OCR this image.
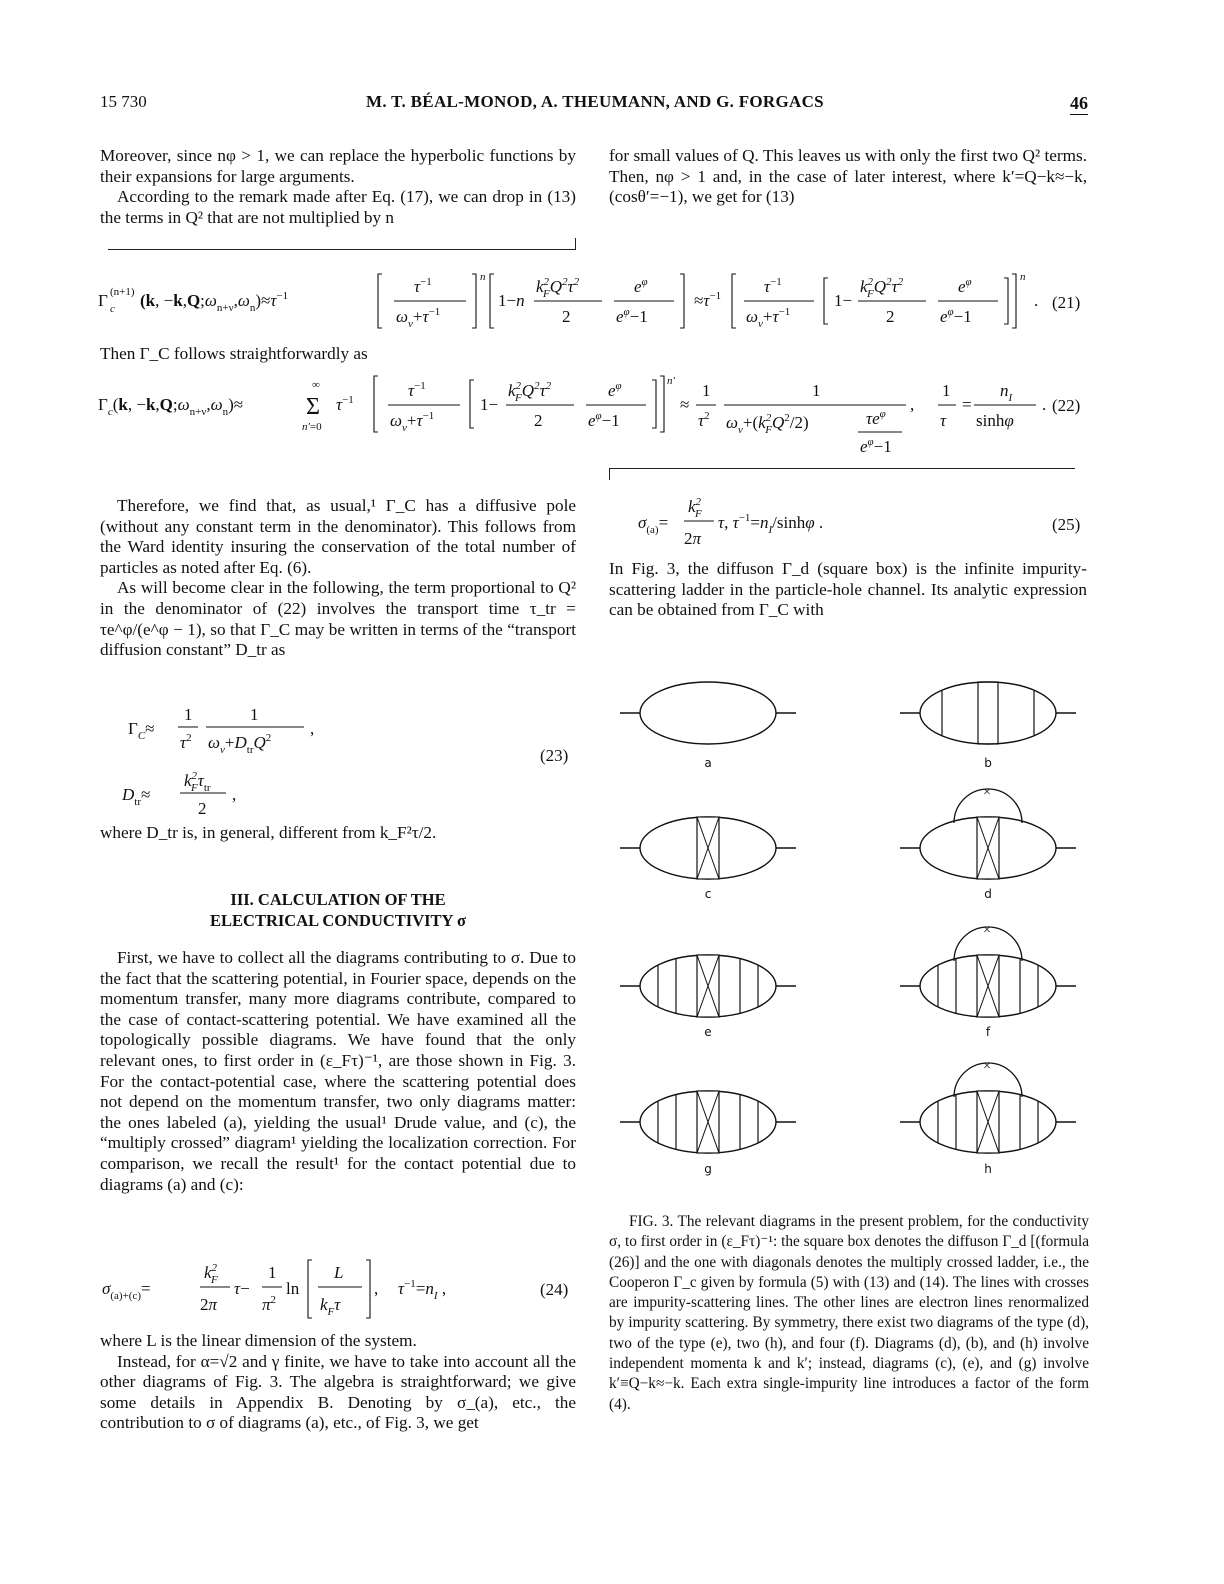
15 730	M. T. BÉAL-MONOD, A. THEUMANN, AND G. FORGACS	46

Moreover, since nφ > 1, we can replace the hyperbolic functions by their expansions for large arguments.

According to the remark made after Eq. (17), we can drop in (13) the terms in Q² that are not multiplied by n

for small values of Q. This leaves us with only the first two Q² terms. Then, nφ > 1 and, in the case of later interest, where k′=Q−k≈−k, (cosθ′=−1), we get for (13)

Γ (n+1)
c (k, $-k,Q;\omega_{n+\nu},\omega_n)\approx\tau^{-1}$	$\tau^{-1}$
$\omega_\nu+\tau^{-1}$
n
1−n
$k^2$ $FQ^2\tau^2$
2
$e^\varphi$
$e^\varphi-1$
$\approx\tau^{-1}$	$\tau^{-1}$
$\omega_\nu+\tau^{-1}$
1−
$k^2$ $FQ^2\tau^2$
2
$e^\varphi$
$e^\varphi-1$
n
. (21)
Then Γ_C follows straightforwardly as
$\Gamma_c(k$, $-k,Q;\omega_{n+\nu},\omega_n)\approx$
∞
Σ
n′=0
$\tau^{-1}$	$\tau^{-1}$
$\omega_\nu+\tau^{-1}$
1−
$k^2$ $FQ^2\tau^2$
2
$e^\varphi$
$e^\varphi-1$
n′
≈
1
$\tau^2$
1
$\omega_\nu+(k^2$ $FQ^2/2$)	$\tau e^\varphi$
$e^\varphi-1$
,
1
τ
=
$n_I$
sinhφ
. (22)

Therefore, we find that, as usual,¹ Γ_C has a diffusive pole (without any constant term in the denominator). This follows from the Ward identity insuring the conservation of the total number of particles as noted after Eq. (6).

As will become clear in the following, the term proportional to Q² in the denominator of (22) involves the transport time τ_tr = τe^φ/(e^φ − 1), so that Γ_C may be written in terms of the “transport diffusion constant” D_tr as

$\Gamma_C\approx$
1
$\tau^2$
1
$\omega_\nu+D_{tr}Q^2$ ,
$D_{tr}\approx$
$k^2$ $F\tau_{tr}$
2
,
(23)
where D_tr is, in general, different from k_F²τ/2.
III. CALCULATION OF THE
ELECTRICAL CONDUCTIVITY σ

First, we have to collect all the diagrams contributing to σ. Due to the fact that the scattering potential, in Fourier space, depends on the momentum transfer, many more diagrams contribute, compared to the case of contact-scattering potential. We have examined all the topologically possible diagrams. We have found that the only relevant ones, to first order in (ε_Fτ)⁻¹, are those shown in Fig. 3. For the contact-potential case, where the scattering potential does not depend on the momentum transfer, two only diagrams matter: the ones labeled (a), yielding the usual¹ Drude value, and (c), the “multiply crossed” diagram¹ yielding the localization correction. For comparison, we recall the result¹ for the contact potential due to diagrams (a) and (c):

$\sigma_{(a)+(c)}=$
$k^2$ F
2π
τ−
1
$\pi^2$
ln
L
$k_F\tau$
, $\tau^{-1}=n_I$ ,	(24)

where L is the linear dimension of the system.

Instead, for α=√2 and γ finite, we have to take into account all the other diagrams of Fig. 3. The algebra is straightforward; we give some details in Appendix B. Denoting by σ_(a), etc., the contribution to σ of diagrams (a), etc., of Fig. 3, we get

$\sigma_{(a)}=$
$k^2$ F
2π
τ, $\tau^{-1}=n_I$/sinhφ .	(25)
In Fig. 3, the diffuson Γ_d (square box) is the infinite impurity-scattering ladder in the particle-hole channel. Its analytic expression can be obtained from Γ_C with
×
a	b
c	d
e	f
g	h
FIG. 3. The relevant diagrams in the present problem, for the conductivity σ, to first order in (ε_Fτ)⁻¹: the square box denotes the diffuson Γ_d [(formula (26)] and the one with diagonals denotes the multiply crossed ladder, i.e., the Cooperon Γ_c given by formula (5) with (13) and (14). The lines with crosses are impurity-scattering lines. The other lines are electron lines renormalized by impurity scattering. By symmetry, there exist two diagrams of the type (d), two of the type (e), two (h), and four (f). Diagrams (d), (b), and (h) involve independent momenta k and k′; instead, diagrams (c), (e), and (g) involve k′≡Q−k≈−k. Each extra single-impurity line introduces a factor of the form (4).
